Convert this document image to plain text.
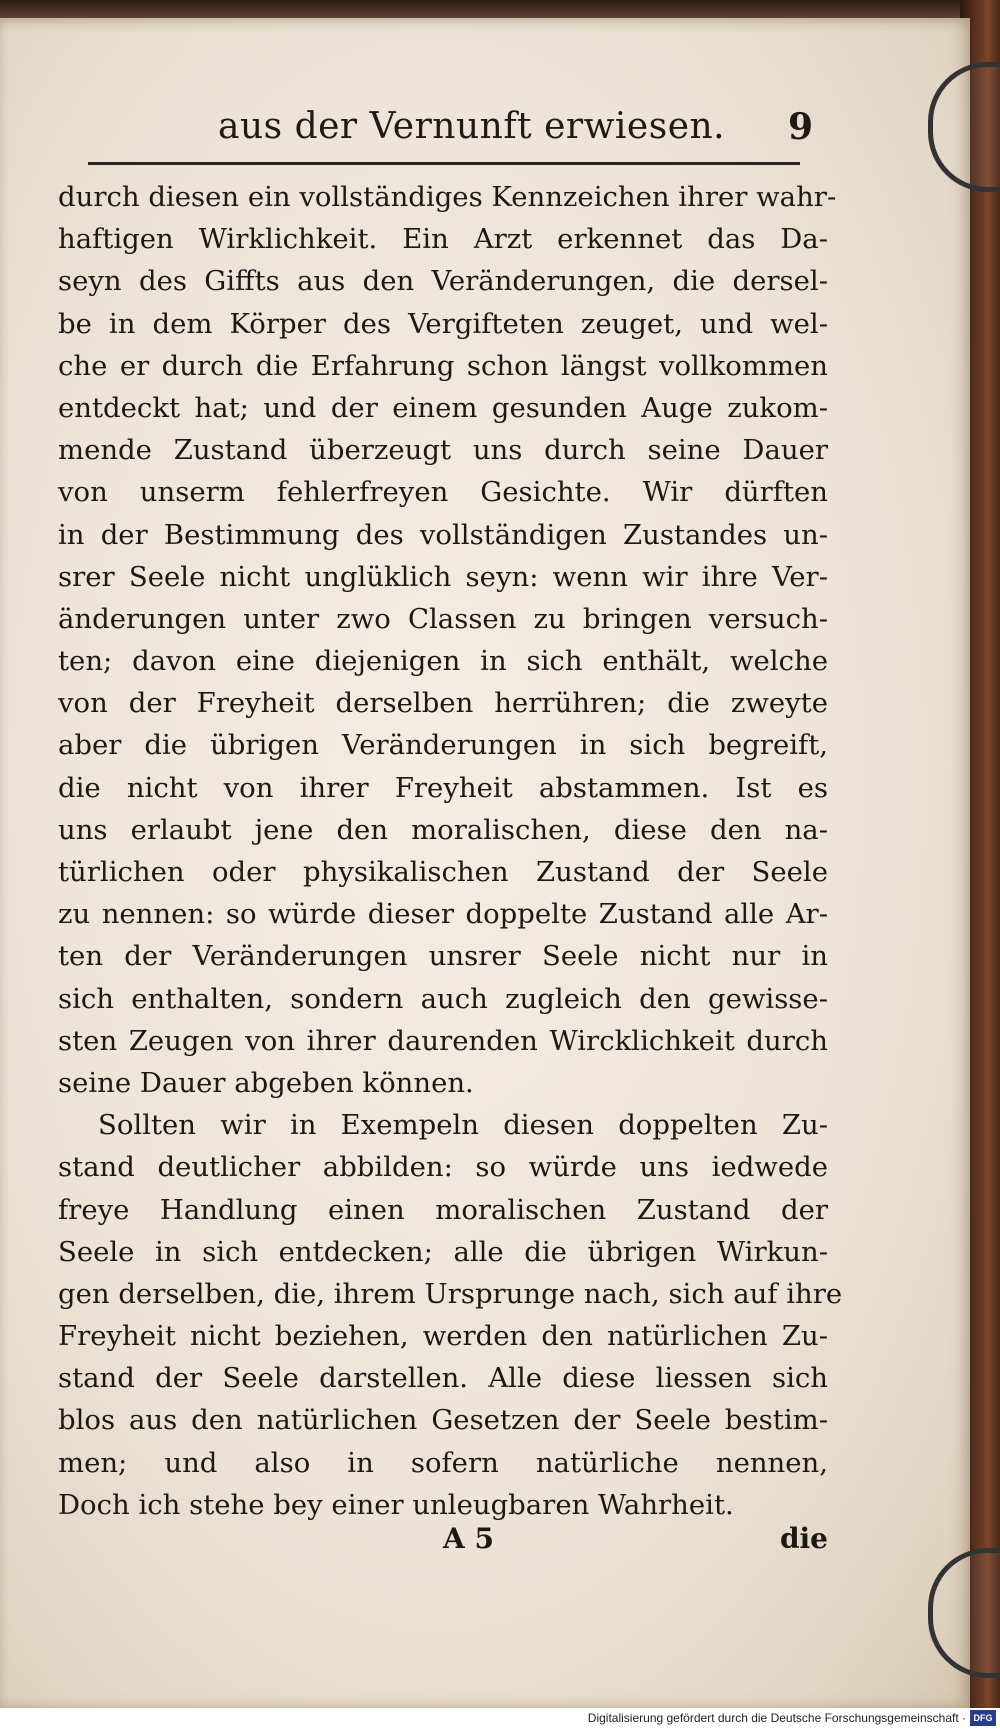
aus der Vernunft erwiesen. 9
durch diesen ein vollständiges Kennzeichen ihrer wahr-
haftigen Wirklichkeit. Ein Arzt erkennet das Da-
seyn des Giffts aus den Veränderungen, die dersel-
be in dem Körper des Vergifteten zeuget, und wel-
che er durch die Erfahrung schon längst vollkommen
entdeckt hat; und der einem gesunden Auge zukom-
mende Zustand überzeugt uns durch seine Dauer
von unserm fehlerfreyen Gesichte. Wir dürften
in der Bestimmung des vollständigen Zustandes un-
srer Seele nicht unglüklich seyn: wenn wir ihre Ver-
änderungen unter zwo Classen zu bringen versuch-
ten; davon eine diejenigen in sich enthält, welche
von der Freyheit derselben herrühren; die zweyte
aber die übrigen Veränderungen in sich begreift,
die nicht von ihrer Freyheit abstammen. Ist es
uns erlaubt jene den moralischen, diese den na-
türlichen oder physikalischen Zustand der Seele
zu nennen: so würde dieser doppelte Zustand alle Ar-
ten der Veränderungen unsrer Seele nicht nur in
sich enthalten, sondern auch zugleich den gewisse-
sten Zeugen von ihrer daurenden Wircklichkeit durch
seine Dauer abgeben können.
Sollten wir in Exempeln diesen doppelten Zu-
stand deutlicher abbilden: so würde uns iedwede
freye Handlung einen moralischen Zustand der
Seele in sich entdecken; alle die übrigen Wirkun-
gen derselben, die, ihrem Ursprunge nach, sich auf ihre
Freyheit nicht beziehen, werden den natürlichen Zu-
stand der Seele darstellen. Alle diese liessen sich
blos aus den natürlichen Gesetzen der Seele bestim-
men; und also in sofern natürliche nennen,
Doch ich stehe bey einer unleugbaren Wahrheit.
A 5	die
Digitalisierung gefördert durch die Deutsche Forschungsgemeinschaft · DFG
